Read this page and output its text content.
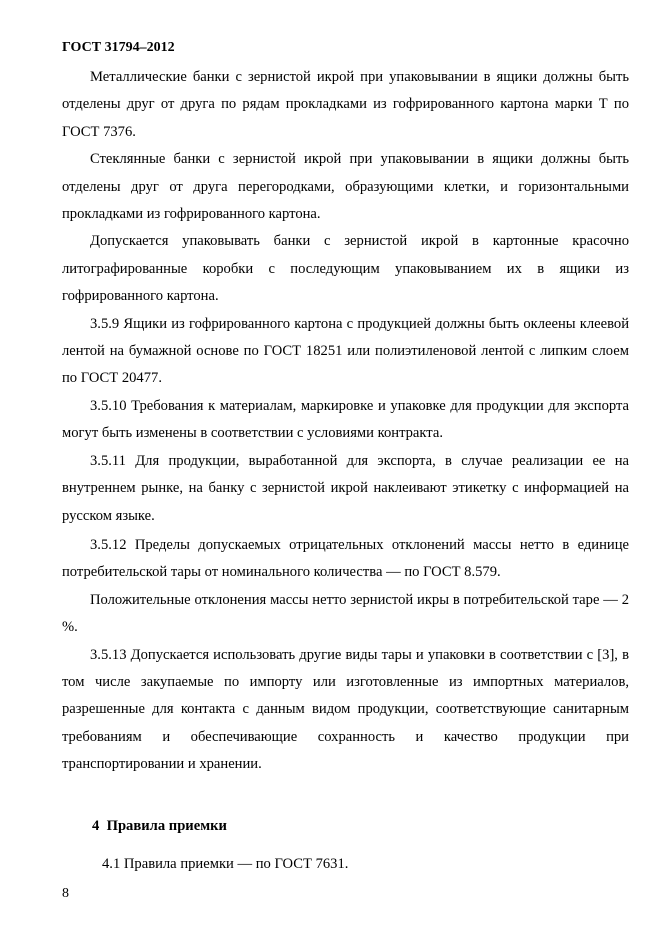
ГОСТ 31794–2012

Металлические банки с зернистой икрой при упаковывании в ящики должны быть отделены друг от друга по рядам прокладками из гофрированного картона марки Т по ГОСТ 7376.

Стеклянные банки с зернистой икрой при упаковывании в ящики должны быть отделены друг от друга перегородками, образующими клетки, и горизонтальными прокладками из гофрированного картона.

Допускается упаковывать банки с зернистой икрой в картонные красочно литографированные коробки с последующим упаковыванием их в ящики из гофрированного картона.

3.5.9 Ящики из гофрированного картона с продукцией должны быть оклеены клеевой лентой на бумажной основе по ГОСТ 18251 или полиэтиленовой лентой с липким слоем по ГОСТ 20477.

3.5.10 Требования к материалам, маркировке и упаковке для продукции для экспорта могут быть изменены в соответствии с условиями контракта.

3.5.11 Для продукции, выработанной для экспорта, в случае реализации ее на внутреннем рынке, на банку с зернистой икрой наклеивают этикетку с информацией на русском языке.

3.5.12 Пределы допускаемых отрицательных отклонений массы нетто в единице потребительской тары от номинального количества — по ГОСТ 8.579.

Положительные отклонения массы нетто зернистой икры в потребительской таре — 2 %.

3.5.13 Допускается использовать другие виды тары и упаковки в соответствии с [3], в том числе закупаемые по импорту или изготовленные из импортных материалов, разрешенные для контакта с данным видом продукции, соответствующие санитарным требованиям и обеспечивающие сохранность и качество продукции при транспортировании и хранении.

4  Правила приемки
4.1 Правила приемки — по ГОСТ 7631.
8
